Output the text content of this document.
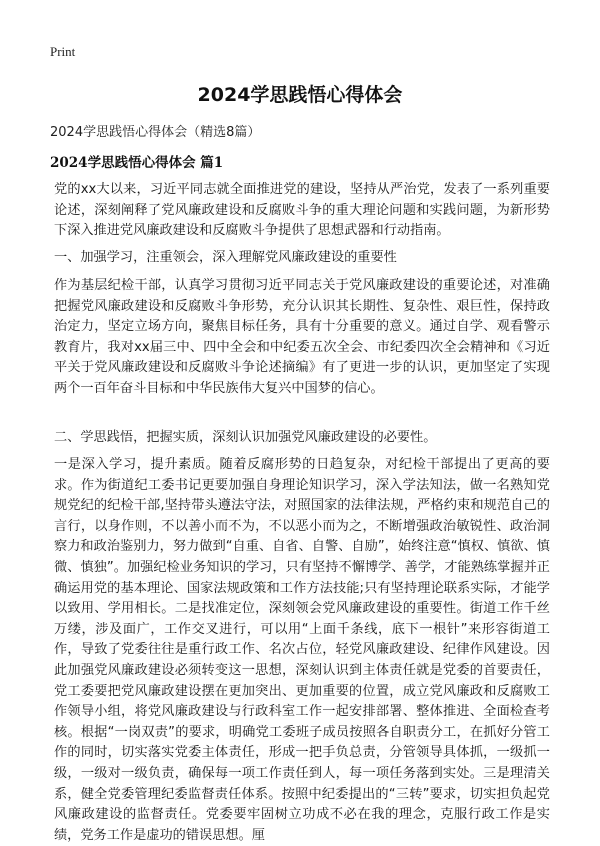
Print
2024学思践悟心得体会
2024学思践悟心得体会（精选8篇）
2024学思践悟心得体会 篇1

党的xx大以来，习近平同志就全面推进党的建设，坚持从严治党，发表了一系列重要论述，深刻阐释了党风廉政建设和反腐败斗争的重大理论问题和实践问题，为新形势下深入推进党风廉政建设和反腐败斗争提供了思想武器和行动指南。

一、加强学习，注重领会，深入理解党风廉政建设的重要性

作为基层纪检干部，认真学习贯彻习近平同志关于党风廉政建设的重要论述，对准确把握党风廉政建设和反腐败斗争形势，充分认识其长期性、复杂性、艰巨性，保持政治定力，坚定立场方向，聚焦目标任务，具有十分重要的意义。通过自学、观看警示教育片，我对xx届三中、四中全会和中纪委五次全会、市纪委四次全会精神和《习近平关于党风廉政建设和反腐败斗争论述摘编》有了更进一步的认识，更加坚定了实现两个一百年奋斗目标和中华民族伟大复兴中国梦的信心。

二、学思践悟，把握实质，深刻认识加强党风廉政建设的必要性。

一是深入学习，提升素质。随着反腐形势的日趋复杂，对纪检干部提出了更高的要求。作为街道纪工委书记更要加强自身理论知识学习，深入学法知法，做一名熟知党规党纪的纪检干部,坚持带头遵法守法，对照国家的法律法规，严格约束和规范自己的言行，以身作则，不以善小而不为，不以恶小而为之，不断增强政治敏锐性、政治洞察力和政治鉴别力，努力做到“自重、自省、自警、自励”，始终注意“慎权、慎欲、慎微、慎独”。加强纪检业务知识的学习，只有坚持不懈博学、善学，才能熟练掌握并正确运用党的基本理论、国家法规政策和工作方法技能;只有坚持理论联系实际，才能学以致用、学用相长。二是找准定位，深刻领会党风廉政建设的重要性。街道工作千丝万缕，涉及面广，工作交叉进行，可以用“上面千条线，底下一根针”来形容街道工作，导致了党委往往是重行政工作、名次占位，轻党风廉政建设、纪律作风建设。因此加强党风廉政建设必须转变这一思想，深刻认识到主体责任就是党委的首要责任，党工委要把党风廉政建设摆在更加突出、更加重要的位置，成立党风廉政和反腐败工作领导小组，将党风廉政建设与行政科室工作一起安排部署、整体推进、全面检查考核。根据“一岗双责”的要求，明确党工委班子成员按照各自职责分工，在抓好分管工作的同时，切实落实党委主体责任，形成一把手负总责，分管领导具体抓，一级抓一级，一级对一级负责，确保每一项工作责任到人，每一项任务落到实处。三是理清关系，健全党委管理纪委监督责任体系。按照中纪委提出的“三转”要求，切实担负起党风廉政建设的监督责任。党委要牢固树立功成不必在我的理念，克服行政工作是实绩，党务工作是虚功的错误思想。厘
